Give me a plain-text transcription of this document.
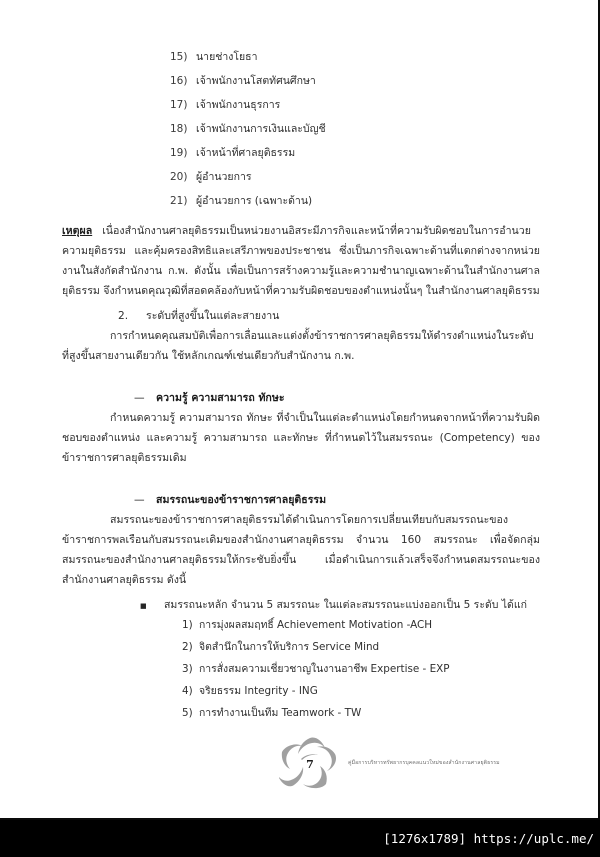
15) นายช่างโยธา
16) เจ้าพนักงานโสตทัศนศึกษา
17) เจ้าพนักงานธุรการ
18) เจ้าพนักงานการเงินและบัญชี
19) เจ้าหน้าที่ศาลยุติธรรม
20) ผู้อำนวยการ
21) ผู้อำนวยการ (เฉพาะด้าน)

เหตุผล เนื่องสำนักงานศาลยุติธรรมเป็นหน่วยงานอิสระมีภารกิจและหน้าที่ความรับผิดชอบในการอำนวยความยุติธรรม และคุ้มครองสิทธิและเสรีภาพของประชาชน ซึ่งเป็นภารกิจเฉพาะด้านที่แตกต่างจากหน่วยงานในสังกัดสำนักงาน ก.พ. ดังนั้น เพื่อเป็นการสร้างความรู้และความชำนาญเฉพาะด้านในสำนักงานศาลยุติธรรม จึงกำหนดคุณวุฒิที่สอดคล้องกับหน้าที่ความรับผิดชอบของตำแหน่งนั้นๆ ในสำนักงานศาลยุติธรรม

2.	ระดับที่สูงขึ้นในแต่ละสายงาน

การกำหนดคุณสมบัติเพื่อการเลื่อนและแต่งตั้งข้าราชการศาลยุติธรรมให้ดำรงตำแหน่งในระดับที่สูงขึ้นสายงานเดียวกัน ใช้หลักเกณฑ์เช่นเดียวกับสำนักงาน ก.พ.

—	ความรู้ ความสามารถ ทักษะ

กำหนดความรู้ ความสามารถ ทักษะ ที่จำเป็นในแต่ละตำแหน่งโดยกำหนดจากหน้าที่ความรับผิดชอบของตำแหน่ง และความรู้ ความสามารถ และทักษะ ที่กำหนดไว้ในสมรรถนะ (Competency) ของข้าราชการศาลยุติธรรมเดิม

—	สมรรถนะของข้าราชการศาลยุติธรรม

สมรรถนะของข้าราชการศาลยุติธรรมได้ดำเนินการโดยการเปลี่ยนเทียบกับสมรรถนะของข้าราชการพลเรือนกับสมรรถนะเดิมของสำนักงานศาลยุติธรรม จำนวน 160 สมรรถนะ เพื่อจัดกลุ่มสมรรถนะของสำนักงานศาลยุติธรรมให้กระชับยิ่งขึ้น เมื่อดำเนินการแล้วเสร็จจึงกำหนดสมรรถนะของสำนักงานศาลยุติธรรม ดังนี้

■	สมรรถนะหลัก จำนวน 5 สมรรถนะ ในแต่ละสมรรถนะแบ่งออกเป็น 5 ระดับ ได้แก่
1) การมุ่งผลสมฤทธิ์ Achievement Motivation -ACH
2) จิตสำนึกในการให้บริการ Service Mind
3) การสั่งสมความเชี่ยวชาญในงานอาชีพ Expertise - EXP
4) จริยธรรม Integrity - ING
5) การทำงานเป็นทีม Teamwork - TW
7	คู่มือการบริหารทรัพยากรบุคคลแนวใหม่ของสำนักงานศาลยุติธรรม
[1276x1789] https://uplc.me/
